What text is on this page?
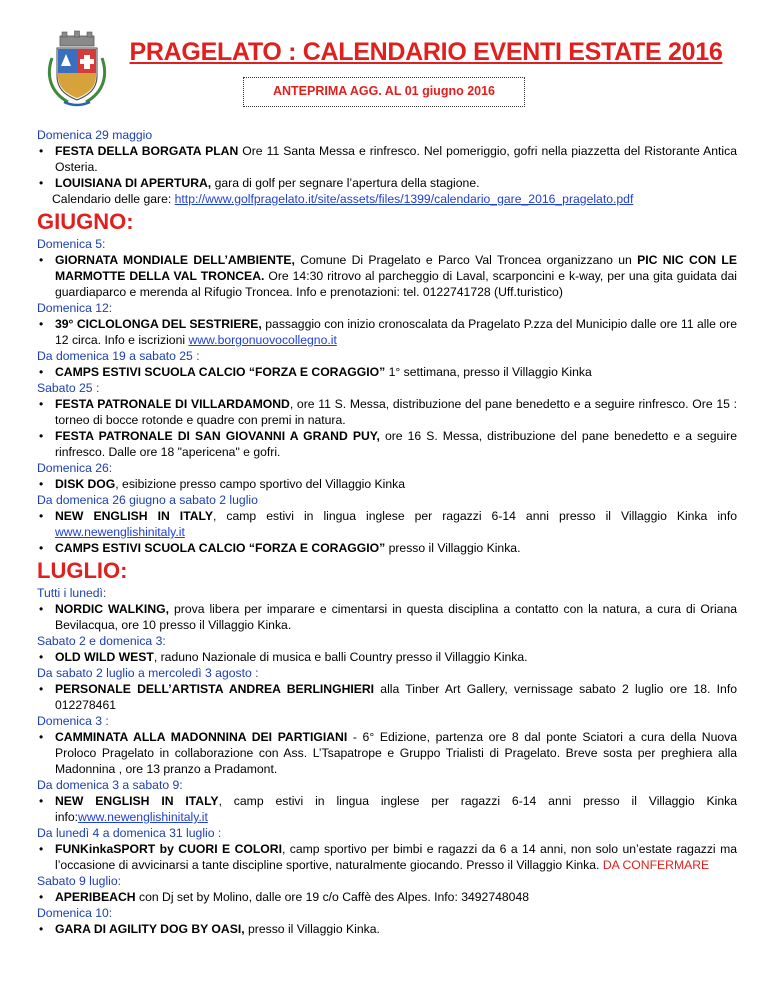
PRAGELATO : CALENDARIO EVENTI ESTATE 2016
ANTEPRIMA AGG. AL 01 giugno 2016
Domenica 29 maggio
• FESTA DELLA BORGATA PLAN Ore 11 Santa Messa e rinfresco. Nel pomeriggio, gofri nella piazzetta del Ristorante Antica Osteria.
• LOUISIANA DI APERTURA, gara di golf per segnare l’apertura della stagione.
Calendario delle gare: http://www.golfpragelato.it/site/assets/files/1399/calendario_gare_2016_pragelato.pdf
GIUGNO:
Domenica 5:
• GIORNATA MONDIALE DELL’AMBIENTE, Comune Di Pragelato e Parco Val Troncea organizzano un PIC NIC CON LE MARMOTTE DELLA VAL TRONCEA. Ore 14:30 ritrovo al parcheggio di Laval, scarponcini e k-way, per una gita guidata dai guardiaparco e merenda al Rifugio Troncea. Info e prenotazioni: tel. 0122741728 (Uff.turistico)
Domenica 12:
• 39° CICLOLONGA DEL SESTRIERE, passaggio con inizio cronoscalata da Pragelato P.zza del Municipio dalle ore 11 alle ore 12 circa. Info e iscrizioni www.borgonuovocollegno.it
Da domenica 19 a sabato 25 :
• CAMPS ESTIVI SCUOLA CALCIO “FORZA E CORAGGIO” 1° settimana, presso il Villaggio Kinka
Sabato 25 :
• FESTA PATRONALE DI VILLARDAMOND, ore 11 S. Messa, distribuzione del pane benedetto e a seguire rinfresco. Ore 15 : torneo di bocce rotonde e quadre con premi in natura.
• FESTA PATRONALE DI SAN GIOVANNI A GRAND PUY, ore 16 S. Messa, distribuzione del pane benedetto e a seguire rinfresco. Dalle ore 18 "apericena" e gofri.
Domenica 26:
• DISK DOG, esibizione presso campo sportivo del Villaggio Kinka
Da domenica 26 giugno a sabato 2 luglio
• NEW ENGLISH IN ITALY, camp estivi in lingua inglese per ragazzi 6-14 anni presso il Villaggio Kinka info www.newenglishinitaly.it
• CAMPS ESTIVI SCUOLA CALCIO “FORZA E CORAGGIO” presso il Villaggio Kinka.
LUGLIO:
Tutti i lunedì:
• NORDIC WALKING, prova libera per imparare e cimentarsi in questa disciplina a contatto con la natura, a cura di Oriana Bevilacqua, ore 10 presso il Villaggio Kinka.
Sabato 2 e domenica 3:
• OLD WILD WEST, raduno Nazionale di musica e balli Country presso il Villaggio Kinka.
Da sabato 2 luglio a mercoledì 3 agosto :
• PERSONALE DELL’ARTISTA ANDREA BERLINGHIERI alla Tinber Art Gallery, vernissage sabato 2 luglio ore 18. Info 012278461
Domenica 3 :
• CAMMINATA ALLA MADONNINA DEI PARTIGIANI - 6° Edizione, partenza ore 8 dal ponte Sciatori a cura della Nuova Proloco Pragelato in collaborazione con Ass. L’Tsapatrope e Gruppo Trialisti di Pragelato. Breve sosta per preghiera alla Madonnina , ore 13 pranzo a Pradamont.
Da domenica 3 a sabato 9:
• NEW ENGLISH IN ITALY, camp estivi in lingua inglese per ragazzi 6-14 anni presso il Villaggio Kinka info:www.newenglishinitaly.it
Da lunedì 4 a domenica 31 luglio :
• FUNKinkaSPORT by CUORI E COLORI, camp sportivo per bimbi e ragazzi da 6 a 14 anni, non solo un’estate ragazzi ma l’occasione di avvicinarsi a tante discipline sportive, naturalmente giocando. Presso il Villaggio Kinka. DA CONFERMARE
Sabato 9 luglio:
• APERIBEACH con Dj set by Molino, dalle ore 19 c/o Caffè des Alpes. Info: 3492748048
Domenica 10:
• GARA DI AGILITY DOG BY OASI, presso il Villaggio Kinka.
